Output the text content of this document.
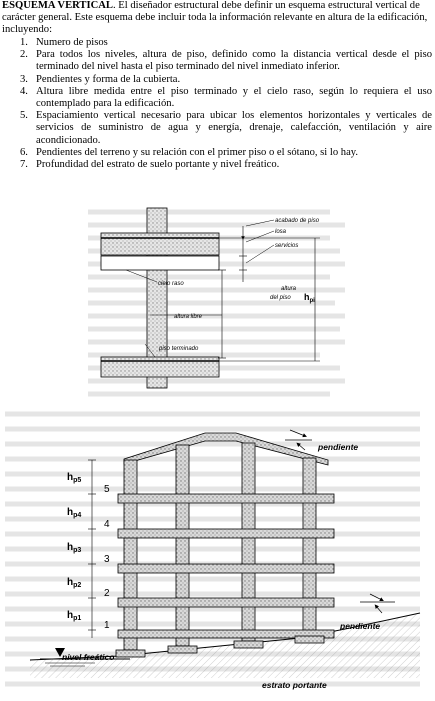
ESQUEMA VERTICAL. El diseñador estructural debe definir un esquema estructural vertical de carácter general. Este esquema debe incluir toda la información relevante en altura de la edificación, incluyendo:
1. Numero de pisos
2. Para todos los niveles, altura de piso, definido como la distancia vertical desde el piso terminado del nivel hasta el piso terminado del nivel inmediato inferior.
3. Pendientes y forma de la cubierta.
4. Altura libre medida entre el piso terminado y el cielo raso, según lo requiera el uso contemplado para la edificación.
5. Espaciamiento vertical necesario para ubicar los elementos horizontales y verticales de servicios de suministro de agua y energía, drenaje, calefacción, ventilación y aire acondicionado.
6. Pendientes del terreno y su relación con el primer piso o el sótano, si lo hay.
7. Profundidad del estrato de suelo portante y nivel freático.
acabado de piso
losa
servicios
cielo raso
altura
del piso $h_{pi}$
altura libre
piso terminado
5
4
3
2
1
$h_{p5}$
$h_{p4}$
$h_{p3}$
$h_{p2}$
$h_{p1}$
pendiente
pendiente
nivel freático
estrato portante
